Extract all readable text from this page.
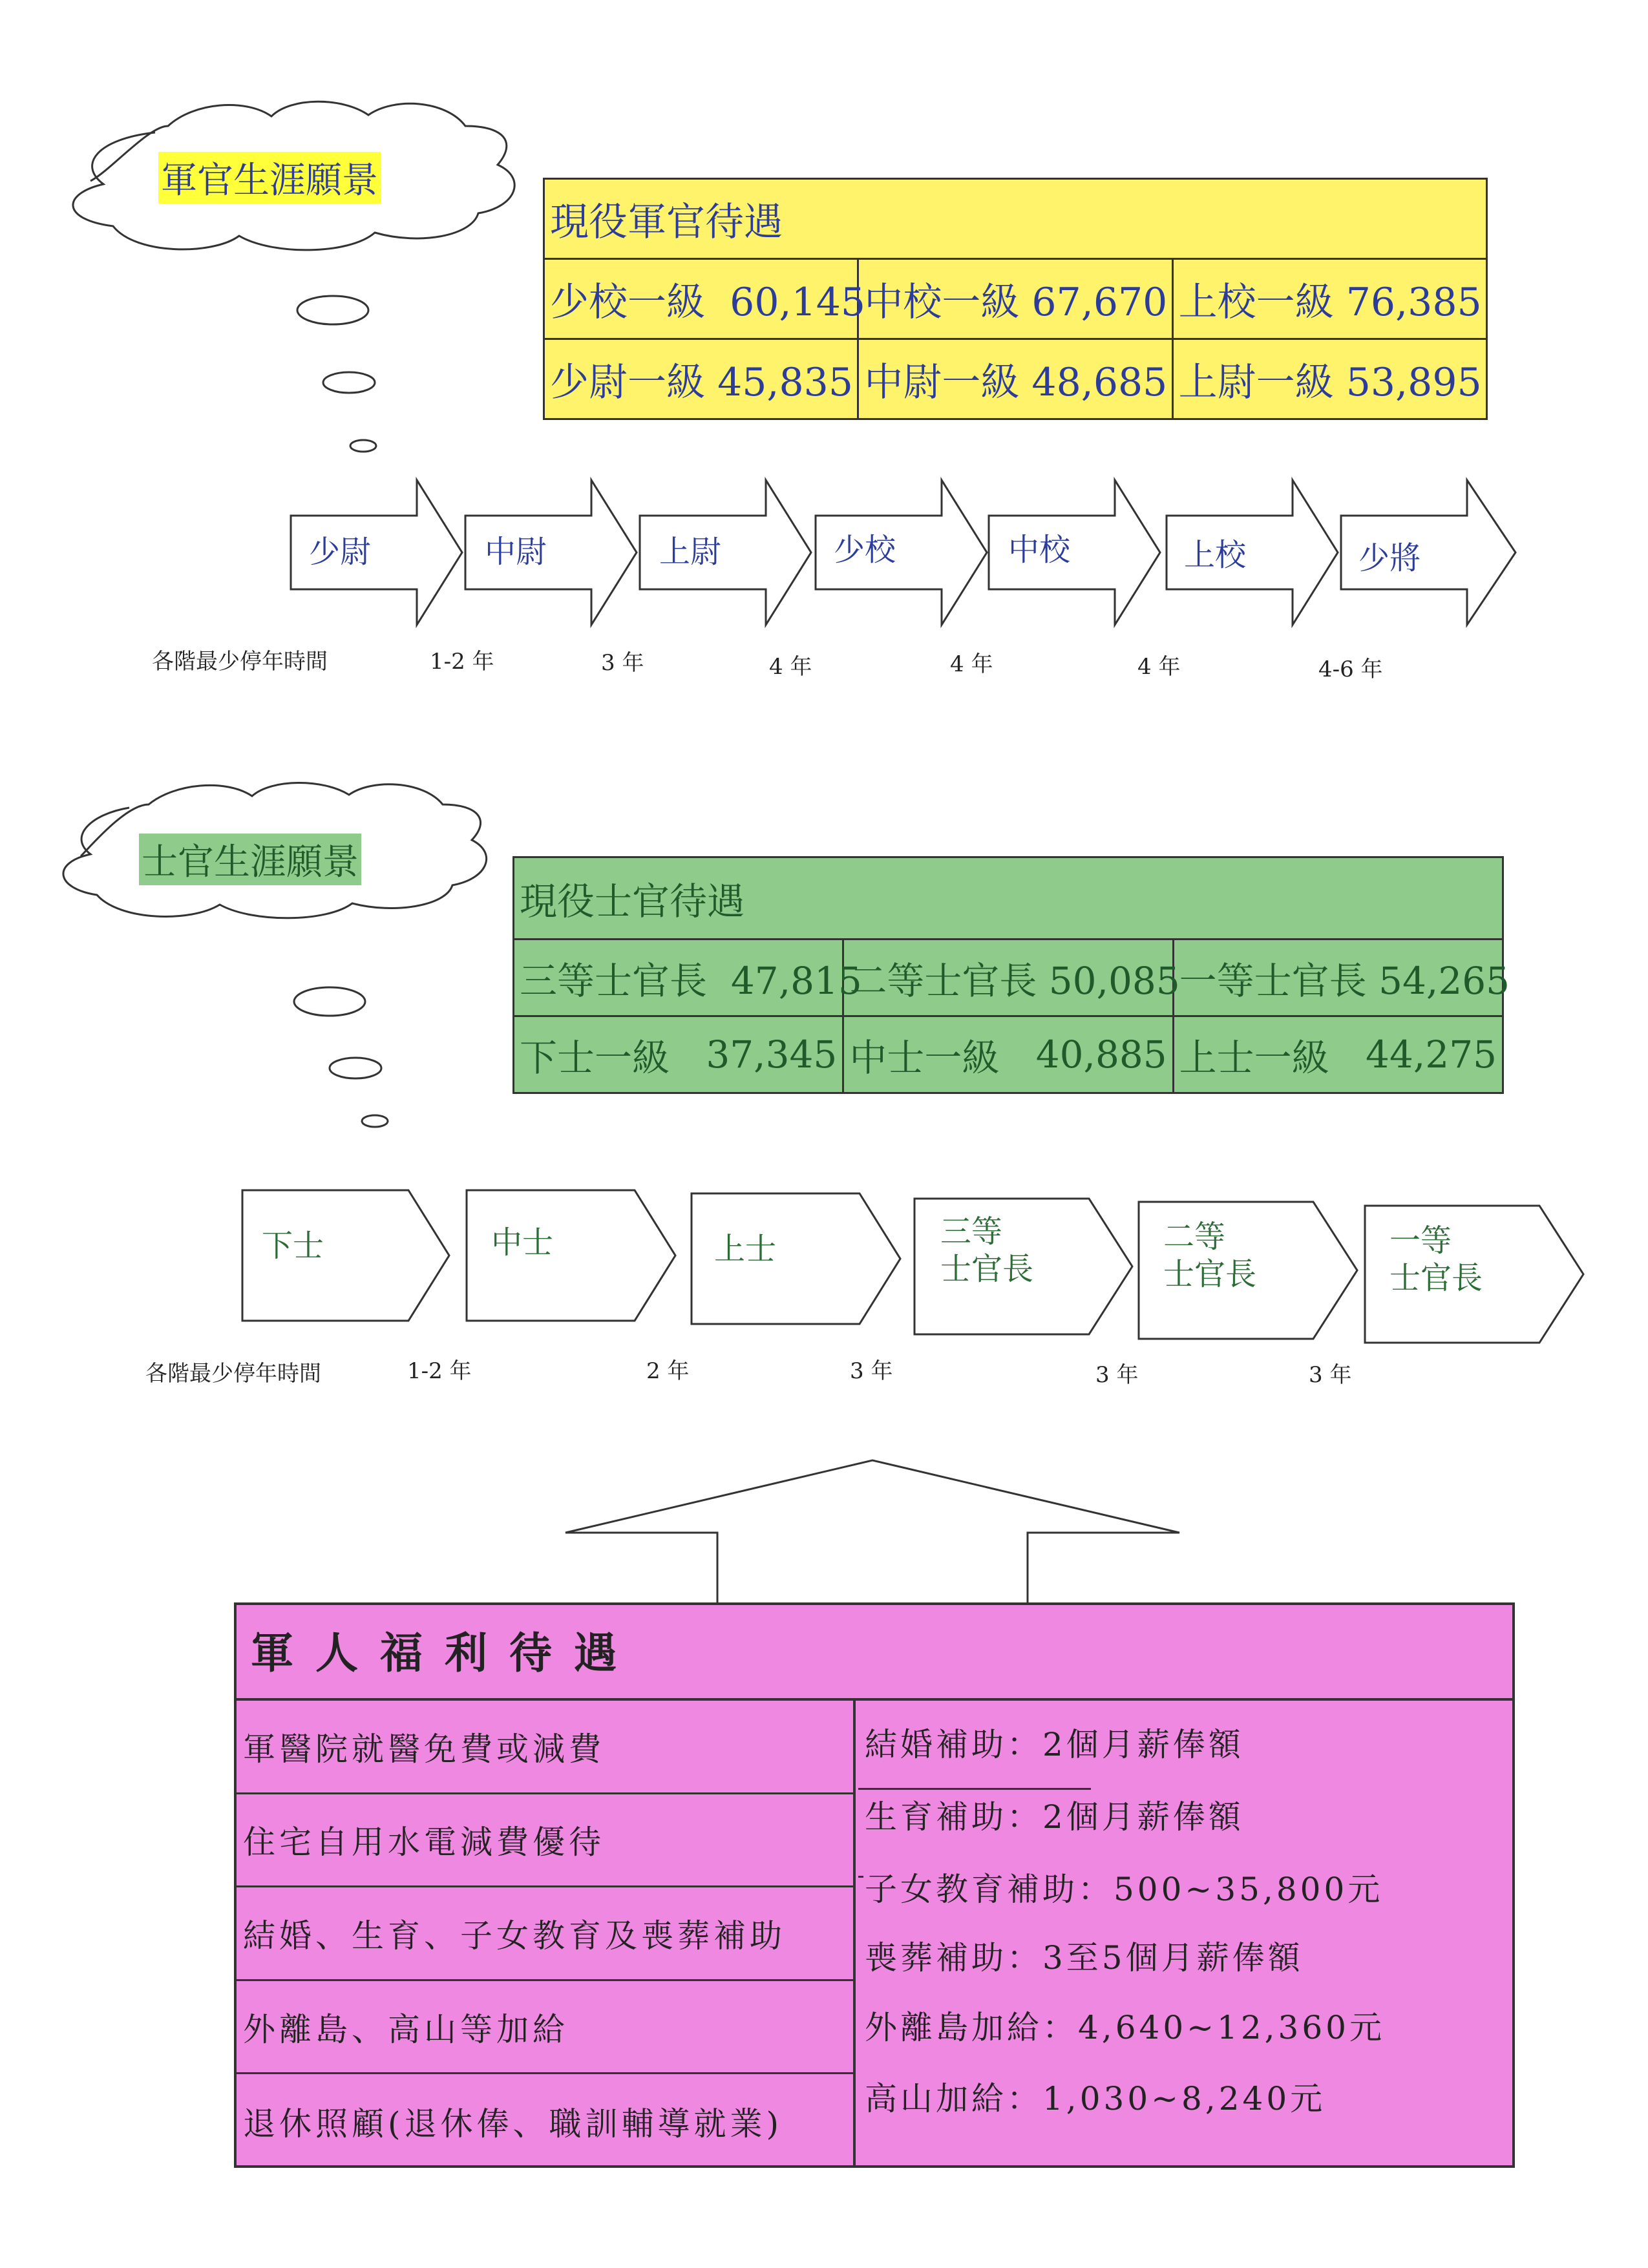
軍官生涯願景
現役軍官待遇		
少校一級 60,145	中校一級 67,670	上校一級 76,385
少尉一級 45,835	中尉一級 48,685	上尉一級 53,895
少尉	中尉	上尉	少校	中校	上校	少將
各階最少停年時間	1-2 年	3 年	4 年	4 年	4 年	4-6 年
士官生涯願景
現役士官待遇		
三等士官長 47,815	二等士官長 50,085	一等士官長 54,265

下士一級 37,345	中士一級 40,885	上士一級 44,275
下士	中士	上士	三等
士官長
二等
士官長
一等
士官長
各階最少停年時間	1-2 年	2 年	3 年	3 年	3 年
軍人福利待遇
軍醫院就醫免費或減費
住宅自用水電減費優待
結婚、生育、子女教育及喪葬補助
外離島、高山等加給
退休照顧(退休俸、職訓輔導就業)
結婚補助：2個月薪俸額
生育補助：2個月薪俸額
子女教育補助：500~35,800元
喪葬補助：3至5個月薪俸額
外離島加給：4,640~12,360元
高山加給：1,030~8,240元
